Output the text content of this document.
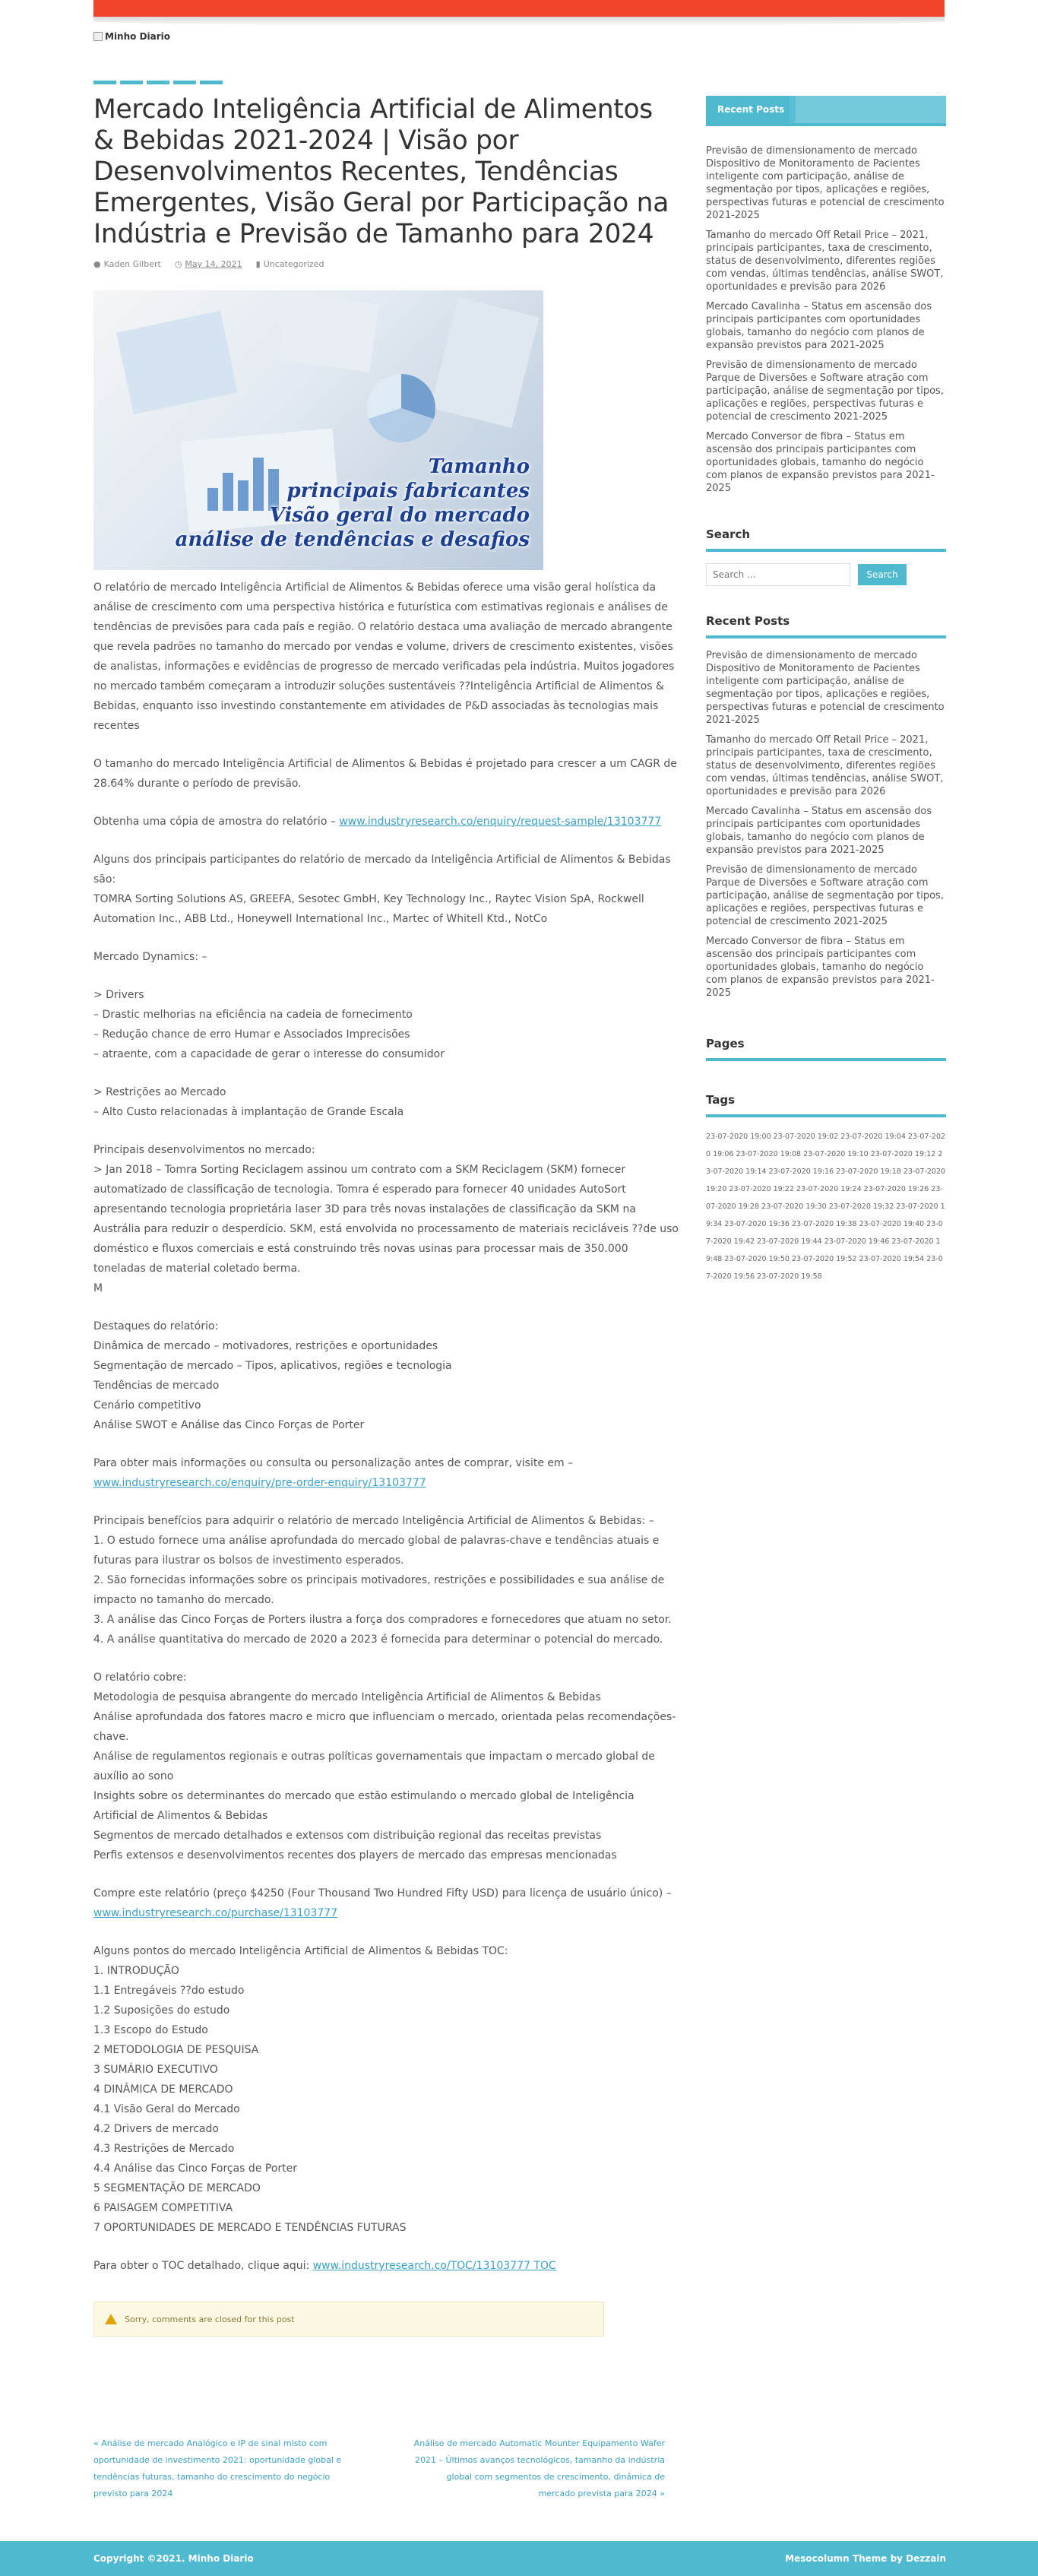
Minho Diario
Mercado Inteligência Artificial de Alimentos & Bebidas 2021-2024 | Visão por Desenvolvimentos Recentes, Tendências Emergentes, Visão Geral por Participação na Indústria e Previsão de Tamanho para 2024
● Kaden Gilbert ◷ May 14, 2021 ▮ Uncategorized
Tamanho
principais fabricantes
Visão geral do mercado
análise de tendências e desafios

O relatório de mercado Inteligência Artificial de Alimentos & Bebidas oferece uma visão geral holística da análise de crescimento com uma perspectiva histórica e futurística com estimativas regionais e análises de tendências de previsões para cada país e região. O relatório destaca uma avaliação de mercado abrangente que revela padrões no tamanho do mercado por vendas e volume, drivers de crescimento existentes, visões de analistas, informações e evidências de progresso de mercado verificadas pela indústria. Muitos jogadores no mercado também começaram a introduzir soluções sustentáveis ??Inteligência Artificial de Alimentos & Bebidas, enquanto isso investindo constantemente em atividades de P&D associadas às tecnologias mais recentes

O tamanho do mercado Inteligência Artificial de Alimentos & Bebidas é projetado para crescer a um CAGR de 28.64% durante o período de previsão.

Obtenha uma cópia de amostra do relatório – www.industryresearch.co/enquiry/request-sample/13103777

Alguns dos principais participantes do relatório de mercado da Inteligência Artificial de Alimentos & Bebidas são:
TOMRA Sorting Solutions AS, GREEFA, Sesotec GmbH, Key Technology Inc., Raytec Vision SpA, Rockwell Automation Inc., ABB Ltd., Honeywell International Inc., Martec of Whitell Ktd., NotCo

Mercado Dynamics: –

> Drivers
– Drastic melhorias na eficiência na cadeia de fornecimento
– Redução chance de erro Humar e Associados Imprecisões
– atraente, com a capacidade de gerar o interesse do consumidor

> Restrições ao Mercado
– Alto Custo relacionadas à implantação de Grande Escala

Principais desenvolvimentos no mercado:
> Jan 2018 – Tomra Sorting Reciclagem assinou um contrato com a SKM Reciclagem (SKM) fornecer automatizado de classificação de tecnologia. Tomra é esperado para fornecer 40 unidades AutoSort apresentando tecnologia proprietária laser 3D para três novas instalações de classificação da SKM na Austrália para reduzir o desperdício. SKM, está envolvida no processamento de materiais recicláveis ??de uso doméstico e fluxos comerciais e está construindo três novas usinas para processar mais de 350.000 toneladas de material coletado berma.
M

Destaques do relatório:
Dinâmica de mercado – motivadores, restrições e oportunidades
Segmentação de mercado – Tipos, aplicativos, regiões e tecnologia
Tendências de mercado
Cenário competitivo
Análise SWOT e Análise das Cinco Forças de Porter

Para obter mais informações ou consulta ou personalização antes de comprar, visite em –
www.industryresearch.co/enquiry/pre-order-enquiry/13103777

Principais benefícios para adquirir o relatório de mercado Inteligência Artificial de Alimentos & Bebidas: –
1. O estudo fornece uma análise aprofundada do mercado global de palavras-chave e tendências atuais e futuras para ilustrar os bolsos de investimento esperados.
2. São fornecidas informações sobre os principais motivadores, restrições e possibilidades e sua análise de impacto no tamanho do mercado.
3. A análise das Cinco Forças de Porters ilustra a força dos compradores e fornecedores que atuam no setor.
4. A análise quantitativa do mercado de 2020 a 2023 é fornecida para determinar o potencial do mercado.

O relatório cobre:
Metodologia de pesquisa abrangente do mercado Inteligência Artificial de Alimentos & Bebidas
Análise aprofundada dos fatores macro e micro que influenciam o mercado, orientada pelas recomendações-chave.
Análise de regulamentos regionais e outras políticas governamentais que impactam o mercado global de auxílio ao sono
Insights sobre os determinantes do mercado que estão estimulando o mercado global de Inteligência Artificial de Alimentos & Bebidas
Segmentos de mercado detalhados e extensos com distribuição regional das receitas previstas
Perfis extensos e desenvolvimentos recentes dos players de mercado das empresas mencionadas

Compre este relatório (preço $4250 (Four Thousand Two Hundred Fifty USD) para licença de usuário único) –
www.industryresearch.co/purchase/13103777

Alguns pontos do mercado Inteligência Artificial de Alimentos & Bebidas TOC:
1. INTRODUÇÃO
1.1 Entregáveis ??do estudo
1.2 Suposições do estudo
1.3 Escopo do Estudo
2 METODOLOGIA DE PESQUISA
3 SUMÁRIO EXECUTIVO
4 DINÂMICA DE MERCADO
4.1 Visão Geral do Mercado
4.2 Drivers de mercado
4.3 Restrições de Mercado
4.4 Análise das Cinco Forças de Porter
5 SEGMENTAÇÃO DE MERCADO
6 PAISAGEM COMPETITIVA
7 OPORTUNIDADES DE MERCADO E TENDÊNCIAS FUTURAS

Para obter o TOC detalhado, clique aqui: www.industryresearch.co/TOC/13103777 TOC

Sorry, comments are closed for this post
« Análise de mercado Analógico e IP de sinal misto com oportunidade de investimento 2021: oportunidade global e tendências futuras, tamanho do crescimento do negócio previsto para 2024
Análise de mercado Automatic Mounter Equipamento Wafer 2021 – Últimos avanços tecnológicos, tamanho da indústria global com segmentos de crescimento, dinâmica de mercado prevista para 2024 »
Recent Posts
Previsão de dimensionamento de mercado Dispositivo de Monitoramento de Pacientes inteligente com participação, análise de segmentação por tipos, aplicações e regiões, perspectivas futuras e potencial de crescimento 2021-2025
Tamanho do mercado Off Retail Price – 2021, principais participantes, taxa de crescimento, status de desenvolvimento, diferentes regiões com vendas, últimas tendências, análise SWOT, oportunidades e previsão para 2026
Mercado Cavalinha – Status em ascensão dos principais participantes com oportunidades globais, tamanho do negócio com planos de expansão previstos para 2021-2025
Previsão de dimensionamento de mercado Parque de Diversões e Software atração com participação, análise de segmentação por tipos, aplicações e regiões, perspectivas futuras e potencial de crescimento 2021-2025
Mercado Conversor de fibra – Status em ascensão dos principais participantes com oportunidades globais, tamanho do negócio com planos de expansão previstos para 2021-2025
Search
Search ...
Search
Recent Posts
Previsão de dimensionamento de mercado Dispositivo de Monitoramento de Pacientes inteligente com participação, análise de segmentação por tipos, aplicações e regiões, perspectivas futuras e potencial de crescimento 2021-2025
Tamanho do mercado Off Retail Price – 2021, principais participantes, taxa de crescimento, status de desenvolvimento, diferentes regiões com vendas, últimas tendências, análise SWOT, oportunidades e previsão para 2026
Mercado Cavalinha – Status em ascensão dos principais participantes com oportunidades globais, tamanho do negócio com planos de expansão previstos para 2021-2025
Previsão de dimensionamento de mercado Parque de Diversões e Software atração com participação, análise de segmentação por tipos, aplicações e regiões, perspectivas futuras e potencial de crescimento 2021-2025
Mercado Conversor de fibra – Status em ascensão dos principais participantes com oportunidades globais, tamanho do negócio com planos de expansão previstos para 2021-2025
Pages
Tags
23-07-2020 19:00 23-07-2020 19:02 23-07-2020 19:04 23-07-2020 19:06 23-07-2020 19:08 23-07-2020 19:10 23-07-2020 19:12 23-07-2020 19:14 23-07-2020 19:16 23-07-2020 19:18 23-07-2020 19:20 23-07-2020 19:22 23-07-2020 19:24 23-07-2020 19:26 23-07-2020 19:28 23-07-2020 19:30 23-07-2020 19:32 23-07-2020 19:34 23-07-2020 19:36 23-07-2020 19:38 23-07-2020 19:40 23-07-2020 19:42 23-07-2020 19:44 23-07-2020 19:46 23-07-2020 19:48 23-07-2020 19:50 23-07-2020 19:52 23-07-2020 19:54 23-07-2020 19:56 23-07-2020 19:58
Copyright ©2021. Minho Diario	Mesocolumn Theme by Dezzain
